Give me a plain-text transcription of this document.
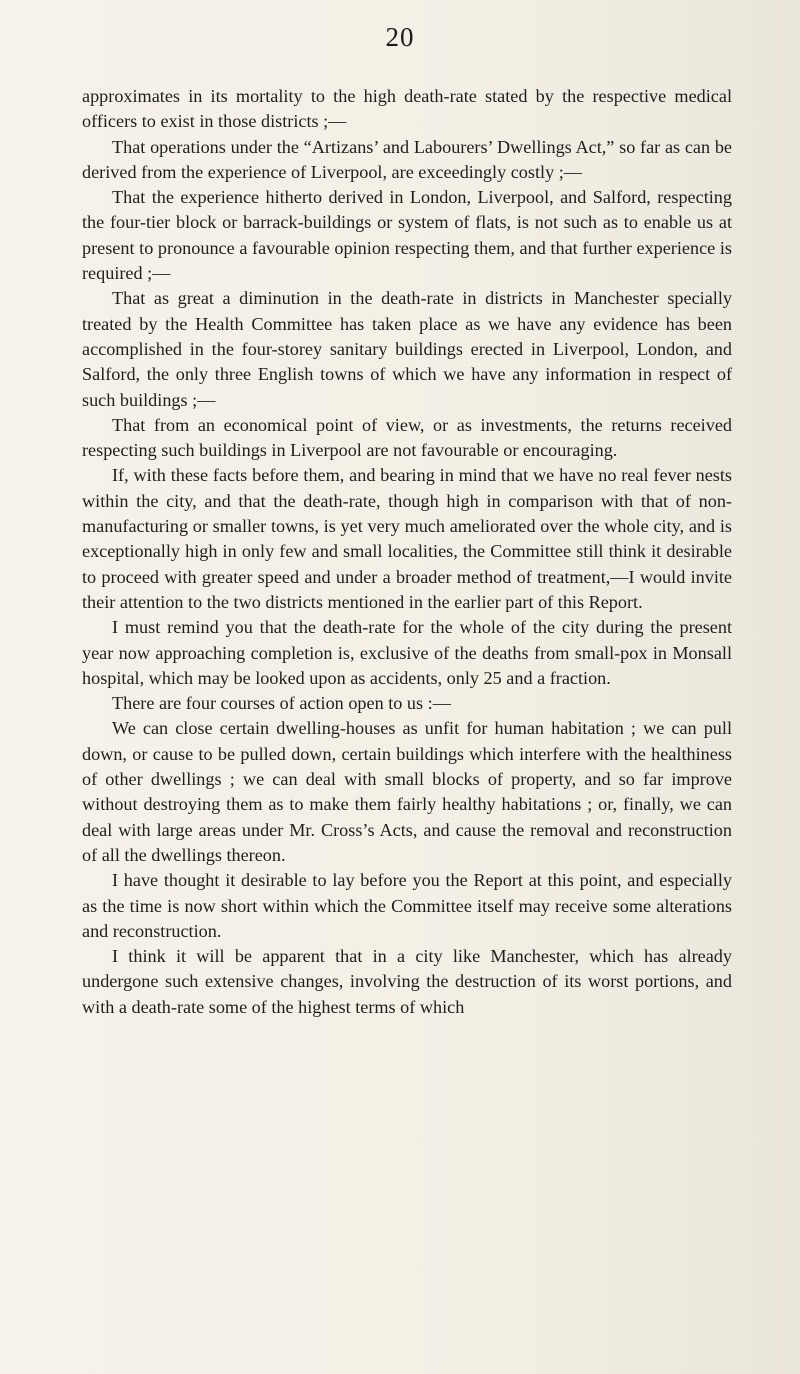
20

approximates in its mortality to the high death-rate stated by the respective medical officers to exist in those districts ;—

That operations under the “Artizans’ and Labourers’ Dwellings Act,” so far as can be derived from the experience of Liverpool, are exceedingly costly ;—

That the experience hitherto derived in London, Liverpool, and Salford, respecting the four-tier block or barrack-buildings or system of flats, is not such as to enable us at present to pronounce a favourable opinion respecting them, and that further experience is required ;—

That as great a diminution in the death-rate in districts in Manchester specially treated by the Health Committee has taken place as we have any evidence has been accomplished in the four-storey sanitary buildings erected in Liverpool, London, and Salford, the only three English towns of which we have any information in respect of such buildings ;—

That from an economical point of view, or as investments, the returns received respecting such buildings in Liverpool are not favourable or encouraging.

If, with these facts before them, and bearing in mind that we have no real fever nests within the city, and that the death-rate, though high in comparison with that of non-manufacturing or smaller towns, is yet very much ameliorated over the whole city, and is exceptionally high in only few and small localities, the Committee still think it desirable to proceed with greater speed and under a broader method of treatment,—I would invite their attention to the two districts mentioned in the earlier part of this Report.

I must remind you that the death-rate for the whole of the city during the present year now approaching completion is, exclusive of the deaths from small-pox in Monsall hospital, which may be looked upon as accidents, only 25 and a fraction.

There are four courses of action open to us :—

We can close certain dwelling-houses as unfit for human habitation ; we can pull down, or cause to be pulled down, certain buildings which interfere with the healthiness of other dwellings ; we can deal with small blocks of property, and so far improve without destroying them as to make them fairly healthy habitations ; or, finally, we can deal with large areas under Mr. Cross’s Acts, and cause the removal and reconstruction of all the dwellings thereon.

I have thought it desirable to lay before you the Report at this point, and especially as the time is now short within which the Committee itself may receive some alterations and reconstruction.

I think it will be apparent that in a city like Manchester, which has already undergone such extensive changes, involving the destruction of its worst portions, and with a death-rate some of the highest terms of which
